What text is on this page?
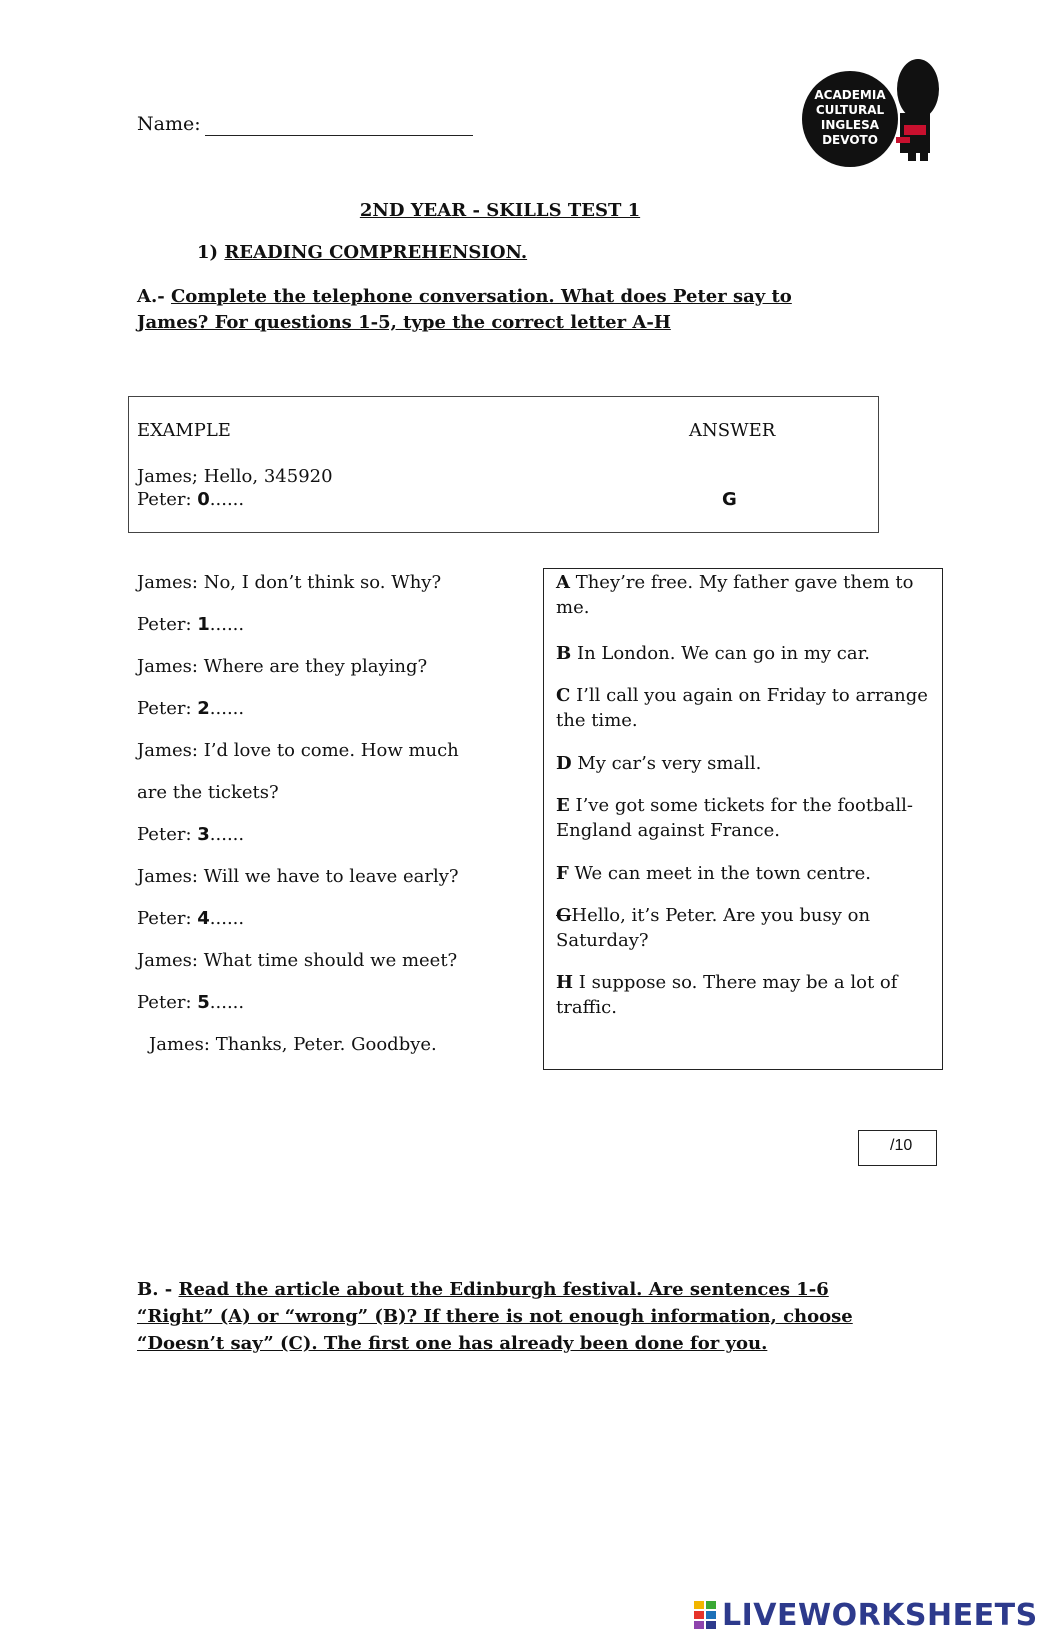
Name:
ACADEMIA
CULTURAL
INGLESA
DEVOTO
2ND YEAR - SKILLS TEST 1
1) READING COMPREHENSION.
A.- Complete the telephone conversation. What does Peter say to
James? For questions 1-5, type the correct letter A-H
EXAMPLE	ANSWER
James; Hello, 345920
Peter: 0......	G
James: No, I don’t think so. Why?
Peter: 1......
James: Where are they playing?
Peter: 2......
James: I’d love to come. How much
are the tickets?
Peter: 3......
James: Will we have to leave early?
Peter: 4......
James: What time should we meet?
Peter: 5......
James: Thanks, Peter. Goodbye.
A They’re free. My father gave them to me.
B In London. We can go in my car.
C I’ll call you again on Friday to arrange the time.
D My car’s very small.
E I’ve got some tickets for the football-England against France.
F We can meet in the town centre.
GHello, it’s Peter. Are you busy on Saturday?
H I suppose so. There may be a lot of traffic.
/10
B. - Read the article about the Edinburgh festival. Are sentences 1-6
“Right” (A) or “wrong” (B)? If there is not enough information, choose
“Doesn’t say” (C). The first one has already been done for you.
LIVEWORKSHEETS
